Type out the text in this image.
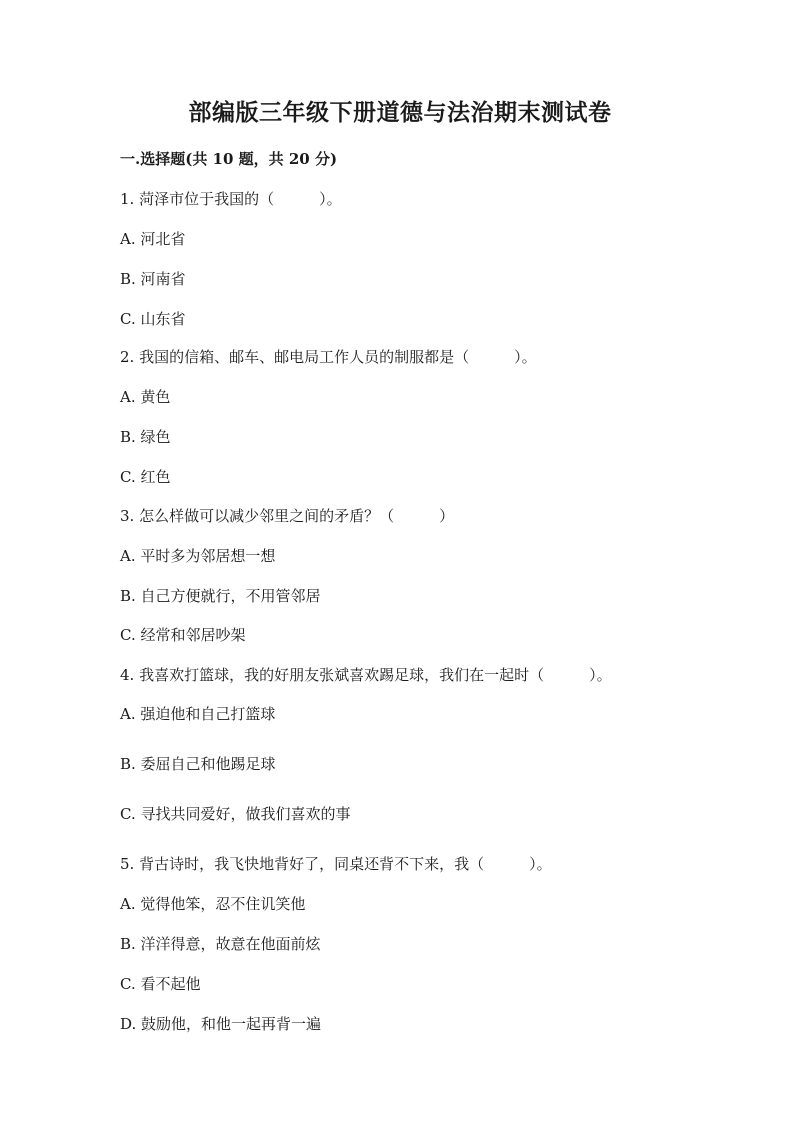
部编版三年级下册道德与法治期末测试卷
一.选择题(共 10 题，共 20 分)
1. 菏泽市位于我国的（　　　）。
A. 河北省
B. 河南省
C. 山东省
2. 我国的信箱、邮车、邮电局工作人员的制服都是（　　　）。
A. 黄色
B. 绿色
C. 红色
3. 怎么样做可以减少邻里之间的矛盾？（　　　）
A. 平时多为邻居想一想
B. 自己方便就行，不用管邻居
C. 经常和邻居吵架
4. 我喜欢打篮球，我的好朋友张斌喜欢踢足球，我们在一起时（　　　）。
A. 强迫他和自己打篮球
B. 委屈自己和他踢足球
C. 寻找共同爱好，做我们喜欢的事
5. 背古诗时，我飞快地背好了，同桌还背不下来，我（　　　）。
A. 觉得他笨，忍不住讥笑他
B. 洋洋得意，故意在他面前炫
C. 看不起他
D. 鼓励他，和他一起再背一遍
